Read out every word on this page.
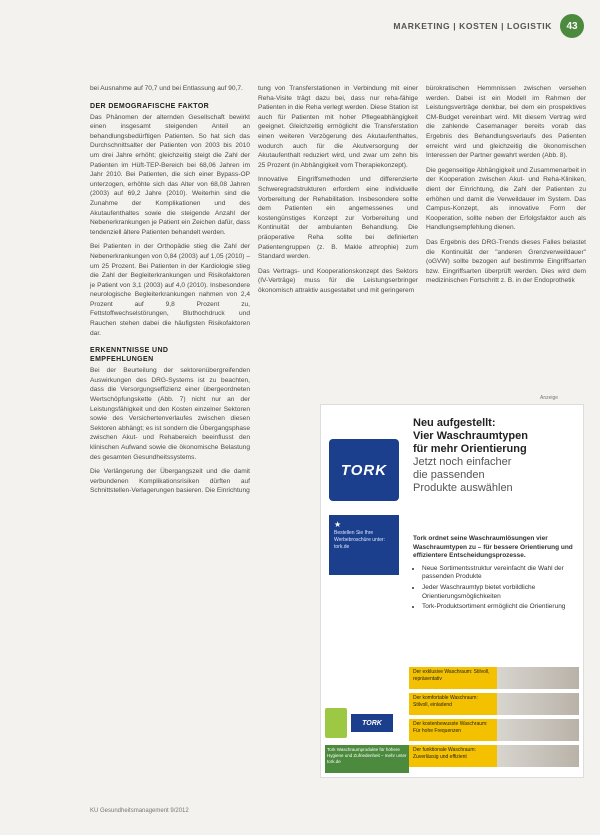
MARKETING | KOSTEN | LOGISTIK	43

bei Ausnahme auf 70,7 und bei Entlassung auf 90,7.

DER DEMOGRAFISCHE FAKTOR

Das Phänomen der alternden Gesellschaft bewirkt einen insgesamt steigenden Anteil an behandlungsbedürftigen Patienten. So hat sich das Durchschnittsalter der Patienten von 2003 bis 2010 um drei Jahre erhöht; gleichzeitig steigt die Zahl der Patienten im Hüft-TEP-Bereich bei 68,06 Jahren im Jahr 2010. Bei Patienten, die sich einer Bypass-OP unterzogen, erhöhte sich das Alter von 68,08 Jahren (2003) auf 69,2 Jahre (2010). Weiterhin sind die Zunahme der Komplikationen und des Akutaufenthaltes sowie die steigende Anzahl der Nebenerkrankungen je Patient ein Zeichen dafür, dass tendenziell ältere Patienten behandelt werden.

Bei Patienten in der Orthopädie stieg die Zahl der Nebenerkrankungen von 0,84 (2003) auf 1,05 (2010) – um 25 Prozent. Bei Patienten in der Kardiologie stieg die Zahl der Begleiterkrankungen und Risikofaktoren je Patient von 3,1 (2003) auf 4,0 (2010). Insbesondere neurologische Begleiterkrankungen nahmen von 2,4 Prozent auf 9,8 Prozent zu, Fettstoffwechselstörungen, Bluthochdruck und Rauchen stehen dabei die häufigsten Risikofaktoren dar.

ERKENNTNISSE UND
EMPFEHLUNGEN

Bei der Beurteilung der sektorenübergreifenden Auswirkungen des DRG-Systems ist zu beachten, dass die Versorgungseffizienz einer übergeordneten Wertschöpfungskette (Abb. 7) nicht nur an der Leistungsfähigkeit und den Kosten einzelner Sektoren sowie des Versichertenverlaufes zwischen diesen Sektoren abhängt; es ist sondern die Übergangsphase zwischen Akut- und Rehabereich beeinflusst den klinischen Aufwand sowie die ökonomische Belastung des gesamten Gesundheitssystems.

Die Verlängerung der Übergangszeit und die damit verbundenen Komplikationsrisiken dürften auf Schnittstellen-Verlagerungen basieren. Die Einrichtung

tung von Transferstationen in Verbindung mit einer Reha-Visite trägt dazu bei, dass nur reha-fähige Patienten in die Reha verlegt werden. Diese Station ist auch für Patienten mit hoher Pflegeabhängigkeit geeignet. Gleichzeitig ermöglicht die Transferstation einen weiteren Verzögerung des Akutaufenthaltes, wodurch auch für die Akutversorgung der Akutaufenthalt reduziert wird, und zwar um zehn bis 25 Prozent (in Abhängigkeit vom Therapiekonzept).

Innovative Eingriffsmethoden und differenzierte Schweregradstrukturen erfordern eine individuelle Vorbereitung der Rehabilitation. Insbesondere sollte dem Patienten ein angemessenes und kostengünstiges Konzept zur Vorbereitung und Kontinuität der ambulanten Behandlung. Die präoperative Reha sollte bei definierten Patientengruppen (z. B. Makle athrophie) zum Standard werden.

Das Vertrags- und Kooperationskonzept des Sektors (IV-Verträge) muss für die Leistungserbringer ökonomisch attraktiv ausgestaltet und mit geringerem

bürokratischen Hemmnissen zwischen versehen werden. Dabei ist ein Modell im Rahmen der Leistungsverträge denkbar, bei dem ein prospektives CM-Budget vereinbart wird. Mit diesem Vertrag wird die zahlende Casemanager bereits vorab das Ergebnis des Behandlungsverlaufs des Patienten erreicht wird und gleichzeitig die ökonomischen Interessen der Partner gewahrt werden (Abb. 8).

Die gegenseitige Abhängigkeit und Zusammenarbeit in der Kooperation zwischen Akut- und Reha-Kliniken, dient der Einrichtung, die Zahl der Patienten zu erhöhen und damit die Verweildauer im System. Das Campus-Konzept, als innovative Form der Kooperation, sollte neben der Erfolgsfaktor auch als Handlungsempfehlung dienen.

Das Ergebnis des DRG-Trends dieses Falles belastet die Kontinuität der "anderen Grenzverweildauer" (oGVW) sollte bezogen auf bestimmte Eingriffsarten bzw. Eingriffsarten überprüft werden. Dies wird dem medizinischen Fortschritt z. B. in der Endoprothetik

Anzeige
TORK
★
Bestellen Sie Ihre Werbebroschüre unter: tork.de
Neu aufgestellt:
Vier Waschraumtypen
für mehr Orientierung
Jetzt noch einfacher
die passenden
Produkte auswählen
Tork ordnet seine Waschraumlösungen vier Waschraumtypen zu – für bessere Orientierung und effizientere Entscheidungsprozesse.
• Neue Sortimentsstruktur vereinfacht die Wahl der passenden Produkte
• Jeder Waschraumtyp bietet vorbildliche Orientierungsmöglichkeiten
• Tork-Produktsortiment ermöglicht die Orientierung
Der exklusive Waschraum: Stilvoll, repräsentativ
Der komfortable Waschraum: Stilvoll, einladend
Der kostenbewusste Waschraum: Für hohe Frequenzen
Der funktionale Waschraum: Zuverlässig und effizient
TORK
Tork Waschraumprodukte für höhere Hygiene und Zufriedenheit – mehr unter tork.de
KU Gesundheitsmanagement 9/2012
